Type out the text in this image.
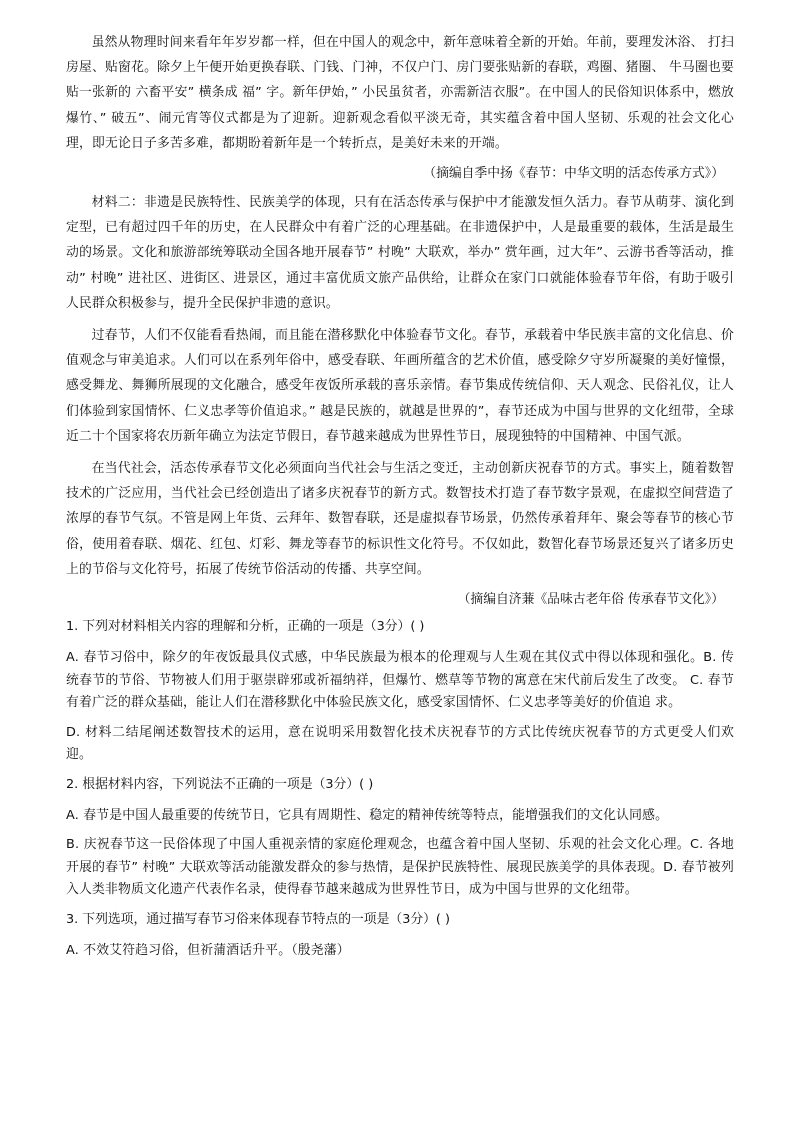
虽然从物理时间来看年年岁岁都一样，但在中国人的观念中，新年意味着全新的开始。年前，要理发沐浴、 打扫房屋、贴窗花。除夕上午便开始更换春联、门钱、门神，不仅户门、房门要张贴新的春联，鸡圈、猪圈、 牛马圈也要贴一张新的 六畜平安” 横条成 福” 字。新年伊始，” 小民虽贫者，亦需新洁衣服”。在中国人的民俗知识体系中，燃放爆竹、” 破五”、闹元宵等仪式都是为了迎新。迎新观念看似平淡无奇，其实蕴含着中国人坚韧、乐观的社会文化心理，即无论日子多苦多难，都期盼着新年是一个转折点，是美好未来的开端。

（摘编自季中扬《春节：中华文明的活态传承方式》）

材料二：非遗是民族特性、民族美学的体现，只有在活态传承与保护中才能激发恒久活力。春节从萌芽、演化到定型，已有超过四千年的历史，在人民群众中有着广泛的心理基础。在非遗保护中，人是最重要的载体，生活是最生动的场景。文化和旅游部统筹联动全国各地开展春节” 村晚” 大联欢，举办” 赏年画，过大年”、云游书香等活动，推动” 村晚” 进社区、进街区、进景区，通过丰富优质文旅产品供给，让群众在家门口就能体验春节年俗，有助于吸引人民群众积极参与，提升全民保护非遗的意识。

过春节，人们不仅能看看热闹，而且能在潜移默化中体验春节文化。春节，承载着中华民族丰富的文化信息、价值观念与审美追求。人们可以在系列年俗中，感受春联、年画所蕴含的艺术价值，感受除夕守岁所凝聚的美好憧憬，感受舞龙、舞狮所展现的文化融合，感受年夜饭所承载的喜乐亲情。春节集成传统信仰、天人观念、民俗礼仪，让人们体验到家国情怀、仁义忠孝等价值追求。” 越是民族的，就越是世界的”，春节还成为中国与世界的文化纽带，全球近二十个国家将农历新年确立为法定节假日，春节越来越成为世界性节日，展现独特的中国精神、中国气派。

在当代社会，活态传承春节文化必须面向当代社会与生活之变迁，主动创新庆祝春节的方式。事实上，随着数智技术的广泛应用，当代社会已经创造出了诸多庆祝春节的新方式。数智技术打造了春节数字景观，在虚拟空间营造了浓厚的春节气氛。不管是网上年货、云拜年、数智春联，还是虚拟春节场景，仍然传承着拜年、聚会等春节的核心节俗，使用着春联、烟花、红包、灯彩、舞龙等春节的标识性文化符号。不仅如此，数智化春节场景还复兴了诸多历史上的节俗与文化符号，拓展了传统节俗活动的传播、共享空间。

（摘编自济蒹《品味古老年俗 传承春节文化》）

1. 下列对材料相关内容的理解和分析，正确的一项是（3分）( )

A. 春节习俗中，除夕的年夜饭最具仪式感，中华民族最为根本的伦理观与人生观在其仪式中得以体现和强化。B. 传统春节的节俗、节物被人们用于驱崇辟邪或祈福纳祥，但爆竹、燃草等节物的寓意在宋代前后发生了改变。 C. 春节有着广泛的群众基础，能让人们在潜移默化中体验民族文化，感受家国情怀、仁义忠孝等美好的价值追 求。

D. 材料二结尾阐述数智技术的运用，意在说明采用数智化技术庆祝春节的方式比传统庆祝春节的方式更受人们欢迎。

2. 根据材料内容，下列说法不正确的一项是（3分）( )

A. 春节是中国人最重要的传统节日，它具有周期性、稳定的精神传统等特点，能增强我们的文化认同感。

B. 庆祝春节这一民俗体现了中国人重视亲情的家庭伦理观念，也蕴含着中国人坚韧、乐观的社会文化心理。C. 各地开展的春节” 村晚” 大联欢等活动能激发群众的参与热情，是保护民族特性、展现民族美学的具体表现。D. 春节被列入人类非物质文化遗产代表作名录，使得春节越来越成为世界性节日，成为中国与世界的文化纽带。

3. 下列选项，通过描写春节习俗来体现春节特点的一项是（3分）( )

A. 不效艾符趋习俗，但祈蒲酒话升平。（殷尧藩）
